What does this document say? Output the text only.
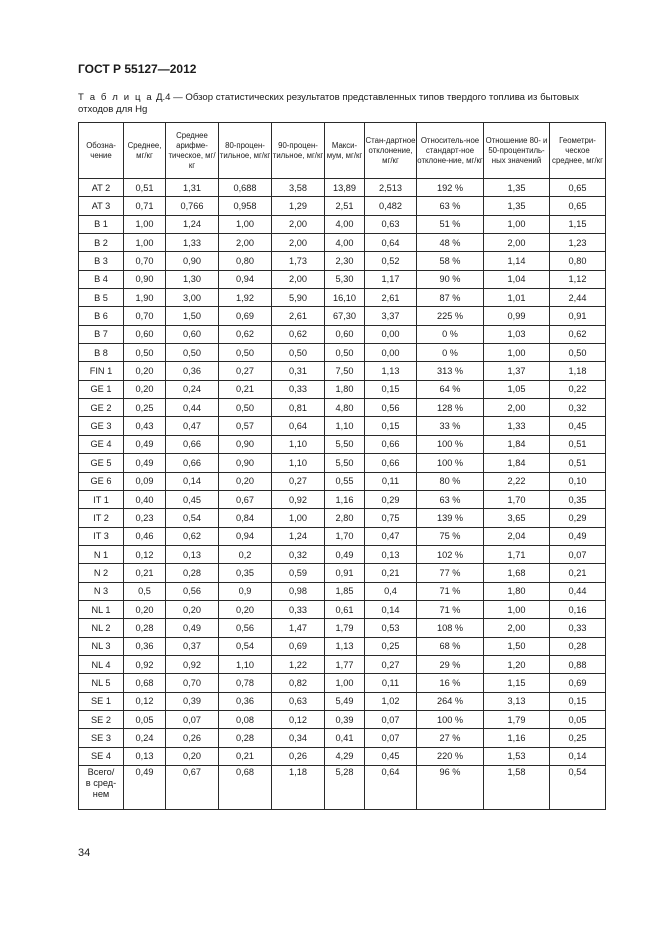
ГОСТ Р 55127—2012
Т а б л и ц а Д.4 — Обзор статистических результатов представленных типов твердого топлива из бытовых отходов для Hg
Обозна-чение	Среднее, мг/кг	Среднее арифме-тическое, мг/кг	80-процен-тильное, мг/кг	90-процен-тильное, мг/кг	Макси-мум, мг/кг	Стан-дартное отклонение, мг/кг	Относитель-ное стандарт-ное отклоне-ние, мг/кг	Отношение 80- и 50-процентиль-ных значений	Геометри-ческое среднее, мг/кг
AT 2	0,51	1,31	0,688	3,58	13,89	2,513	192 %	1,35	0,65
AT 3	0,71	0,766	0,958	1,29	2,51	0,482	63 %	1,35	0,65
B 1	1,00	1,24	1,00	2,00	4,00	0,63	51 %	1,00	1,15
B 2	1,00	1,33	2,00	2,00	4,00	0,64	48 %	2,00	1,23
B 3	0,70	0,90	0,80	1,73	2,30	0,52	58 %	1,14	0,80
B 4	0,90	1,30	0,94	2,00	5,30	1,17	90 %	1,04	1,12
B 5	1,90	3,00	1,92	5,90	16,10	2,61	87 %	1,01	2,44
B 6	0,70	1,50	0,69	2,61	67,30	3,37	225 %	0,99	0,91
B 7	0,60	0,60	0,62	0,62	0,60	0,00	0 %	1,03	0,62
B 8	0,50	0,50	0,50	0,50	0,50	0,00	0 %	1,00	0,50
FIN 1	0,20	0,36	0,27	0,31	7,50	1,13	313 %	1,37	1,18
GE 1	0,20	0,24	0,21	0,33	1,80	0,15	64 %	1,05	0,22
GE 2	0,25	0,44	0,50	0,81	4,80	0,56	128 %	2,00	0,32
GE 3	0,43	0,47	0,57	0,64	1,10	0,15	33 %	1,33	0,45
GE 4	0,49	0,66	0,90	1,10	5,50	0,66	100 %	1,84	0,51
GE 5	0,49	0,66	0,90	1,10	5,50	0,66	100 %	1,84	0,51
GE 6	0,09	0,14	0,20	0,27	0,55	0,11	80 %	2,22	0,10
IT 1	0,40	0,45	0,67	0,92	1,16	0,29	63 %	1,70	0,35
IT 2	0,23	0,54	0,84	1,00	2,80	0,75	139 %	3,65	0,29
IT 3	0,46	0,62	0,94	1,24	1,70	0,47	75 %	2,04	0,49
N 1	0,12	0,13	0,2	0,32	0,49	0,13	102 %	1,71	0,07
N 2	0,21	0,28	0,35	0,59	0,91	0,21	77 %	1,68	0,21
N 3	0,5	0,56	0,9	0,98	1,85	0,4	71 %	1,80	0,44
NL 1	0,20	0,20	0,20	0,33	0,61	0,14	71 %	1,00	0,16
NL 2	0,28	0,49	0,56	1,47	1,79	0,53	108 %	2,00	0,33
NL 3	0,36	0,37	0,54	0,69	1,13	0,25	68 %	1,50	0,28
NL 4	0,92	0,92	1,10	1,22	1,77	0,27	29 %	1,20	0,88
NL 5	0,68	0,70	0,78	0,82	1,00	0,11	16 %	1,15	0,69
SE 1	0,12	0,39	0,36	0,63	5,49	1,02	264 %	3,13	0,15
SE 2	0,05	0,07	0,08	0,12	0,39	0,07	100 %	1,79	0,05
SE 3	0,24	0,26	0,28	0,34	0,41	0,07	27 %	1,16	0,25
SE 4	0,13	0,20	0,21	0,26	4,29	0,45	220 %	1,53	0,14

Всего/
в сред-
нем	0,49	0,67	0,68	1,18	5,28	0,64	96 %	1,58	0,54
34
